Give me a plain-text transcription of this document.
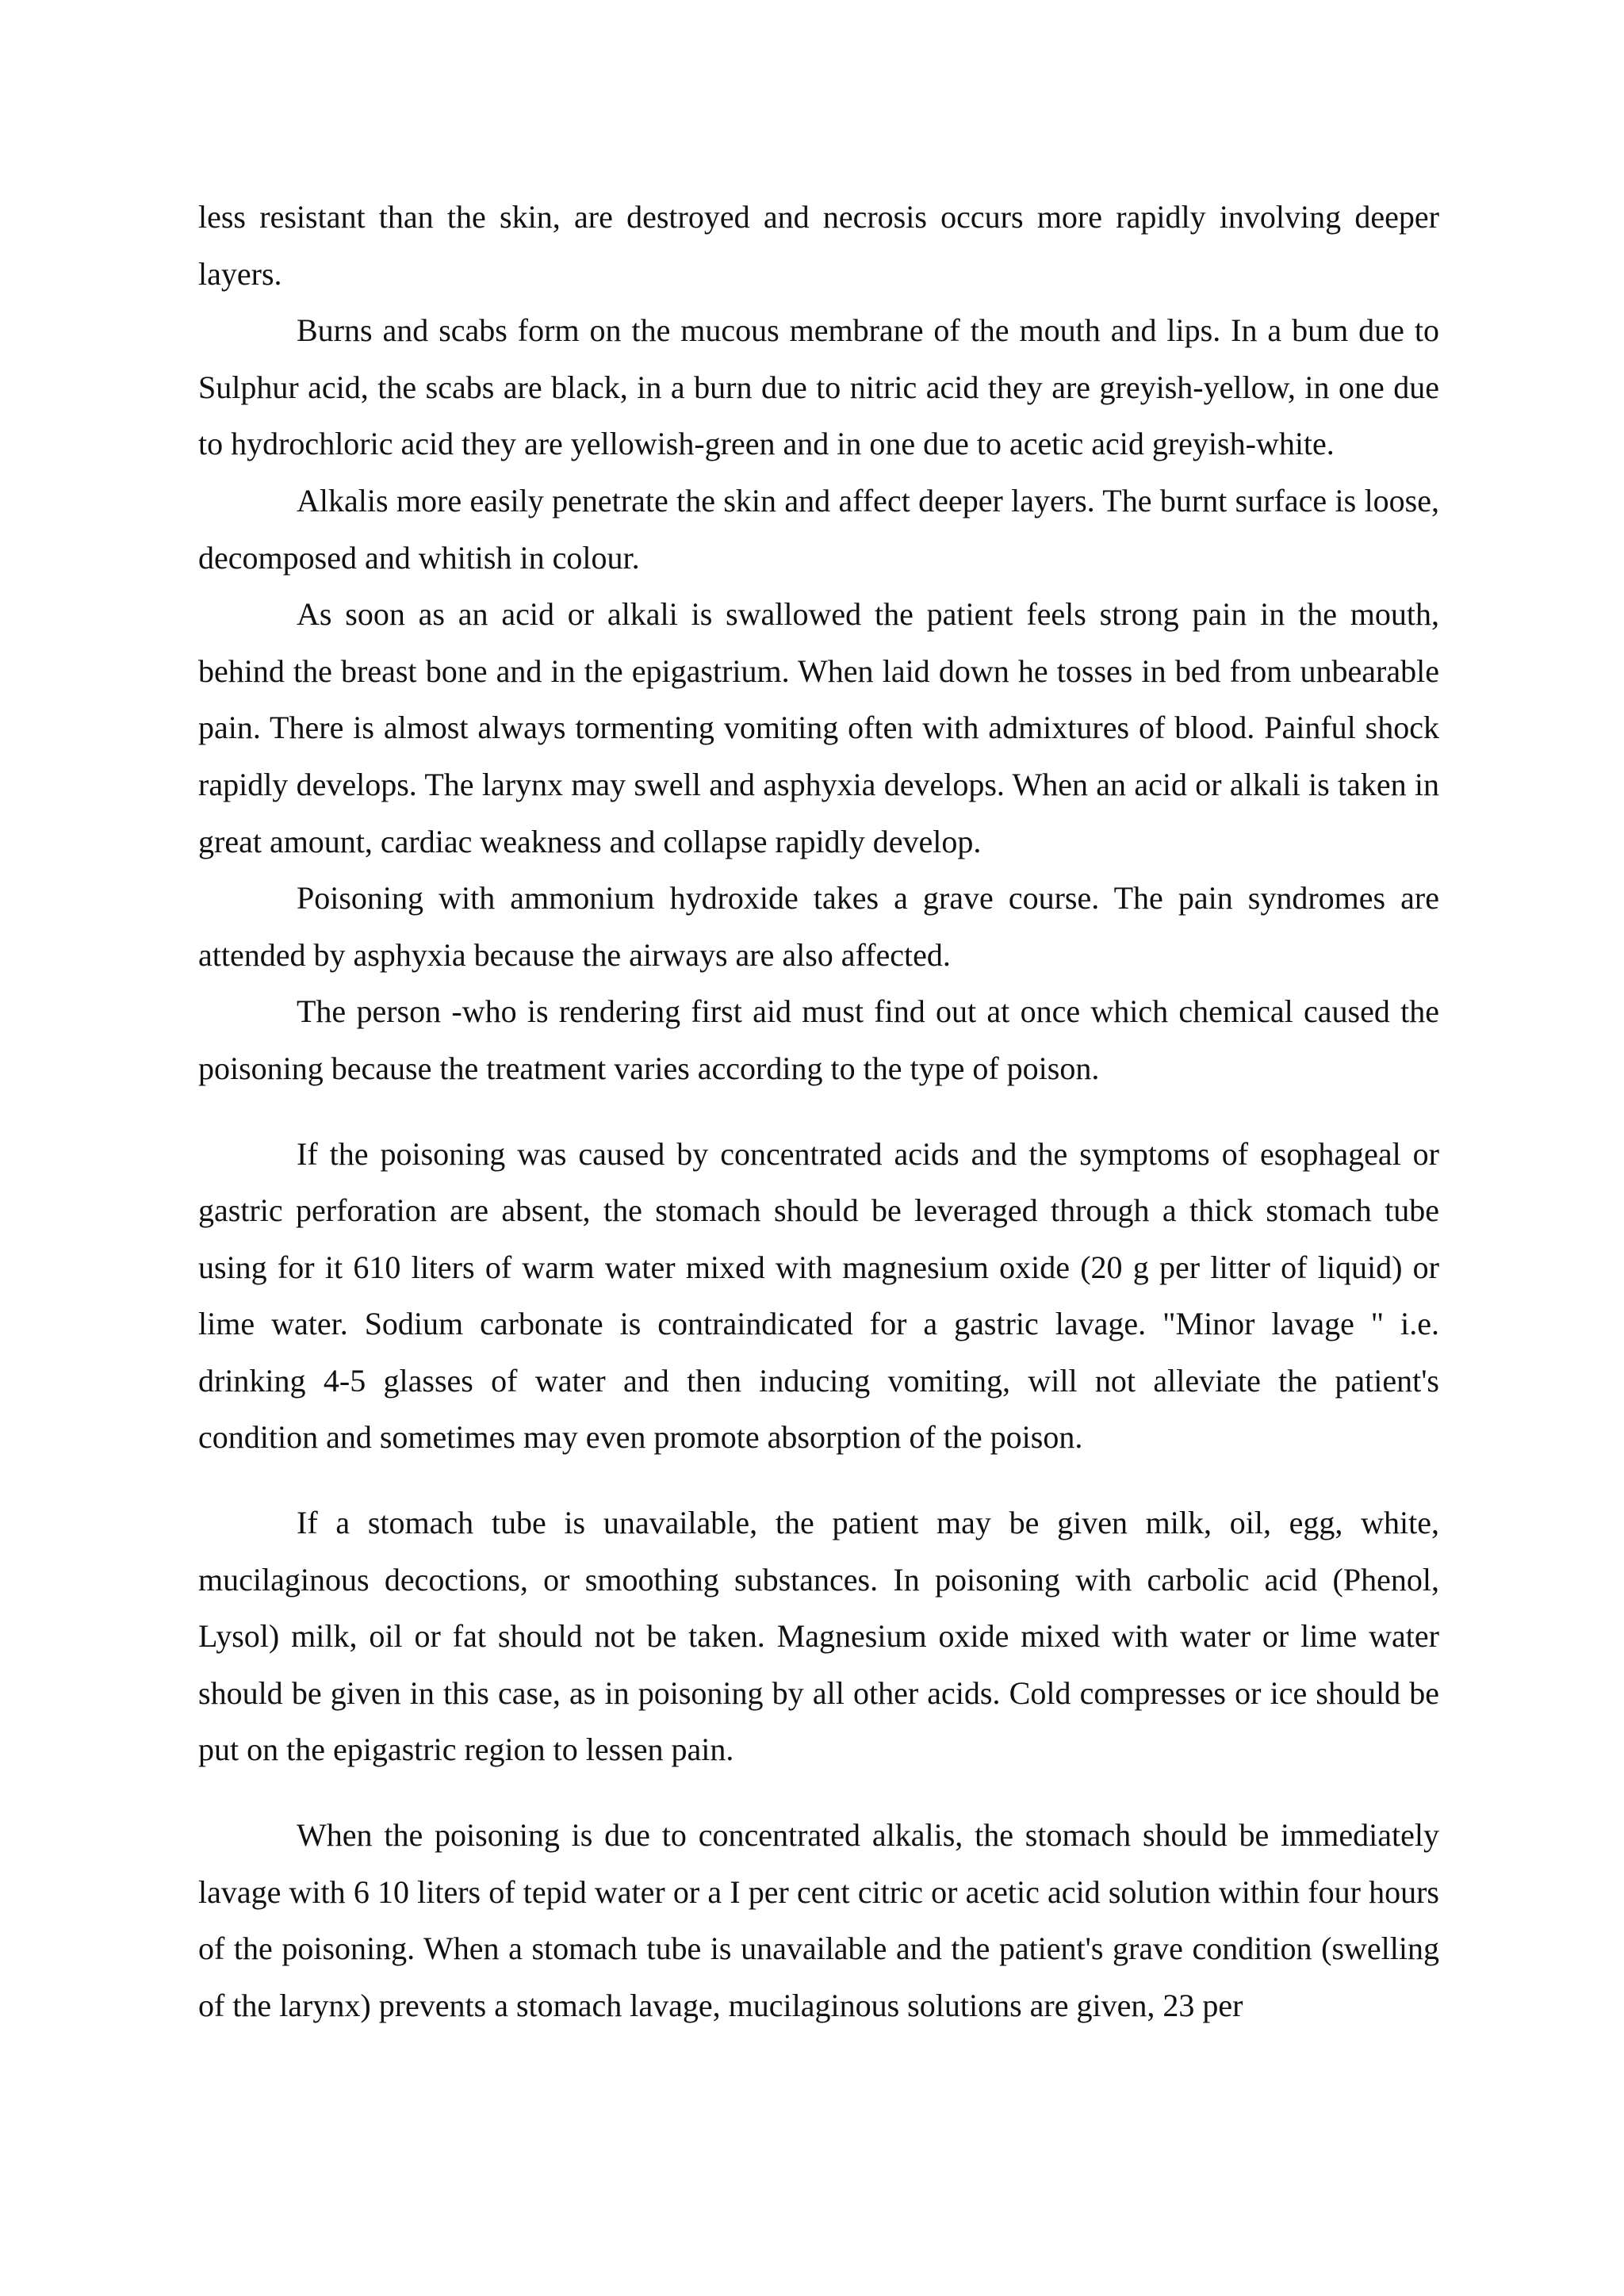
less resistant than the skin, are destroyed and necrosis occurs more rapidly involving deeper layers.

Burns and scabs form on the mucous membrane of the mouth and lips. In a bum due to Sulphur acid, the scabs are black, in a burn due to nitric acid they are greyish-yellow, in one due to hydrochloric acid they are yellowish-green and in one due to acetic acid greyish-white.

Alkalis more easily penetrate the skin and affect deeper layers. The burnt surface is loose, decomposed and whitish in colour.

As soon as an acid or alkali is swallowed the patient feels strong pain in the mouth, behind the breast bone and in the epigastrium. When laid down he tosses in bed from unbearable pain. There is almost always tormenting vomiting often with admixtures of blood. Painful shock rapidly develops. The larynx may swell and asphyxia develops. When an acid or alkali is taken in great amount, cardiac weakness and collapse rapidly develop.

Poisoning with ammonium hydroxide takes a grave course. The pain syndromes are attended by asphyxia because the airways are also affected.

The person -who is rendering first aid must find out at once which chemical caused the poisoning because the treatment varies according to the type of poison.

If the poisoning was caused by concentrated acids and the symptoms of esophageal or gastric perforation are absent, the stomach should be leveraged through a thick stomach tube using for it 610 liters of warm water mixed with magnesium oxide (20 g per litter of liquid) or lime water. Sodium carbonate is contraindicated for a gastric lavage. "Minor lavage " i.e. drinking 4-5 glasses of water and then inducing vomiting, will not alleviate the patient's condition and sometimes may even promote absorption of the poison.

If a stomach tube is unavailable, the patient may be given milk, oil, egg, white, mucilaginous decoctions, or smoothing substances. In poisoning with carbolic acid (Phenol, Lysol) milk, oil or fat should not be taken. Magnesium oxide mixed with water or lime water should be given in this case, as in poisoning by all other acids. Cold compresses or ice should be put on the epigastric region to lessen pain.

When the poisoning is due to concentrated alkalis, the stomach should be immediately lavage with 6 10 liters of tepid water or a I per cent citric or acetic acid solution within four hours of the poisoning. When a stomach tube is unavailable and the patient's grave condition (swelling of the larynx) prevents a stomach lavage, mucilaginous solutions are given, 23 per
